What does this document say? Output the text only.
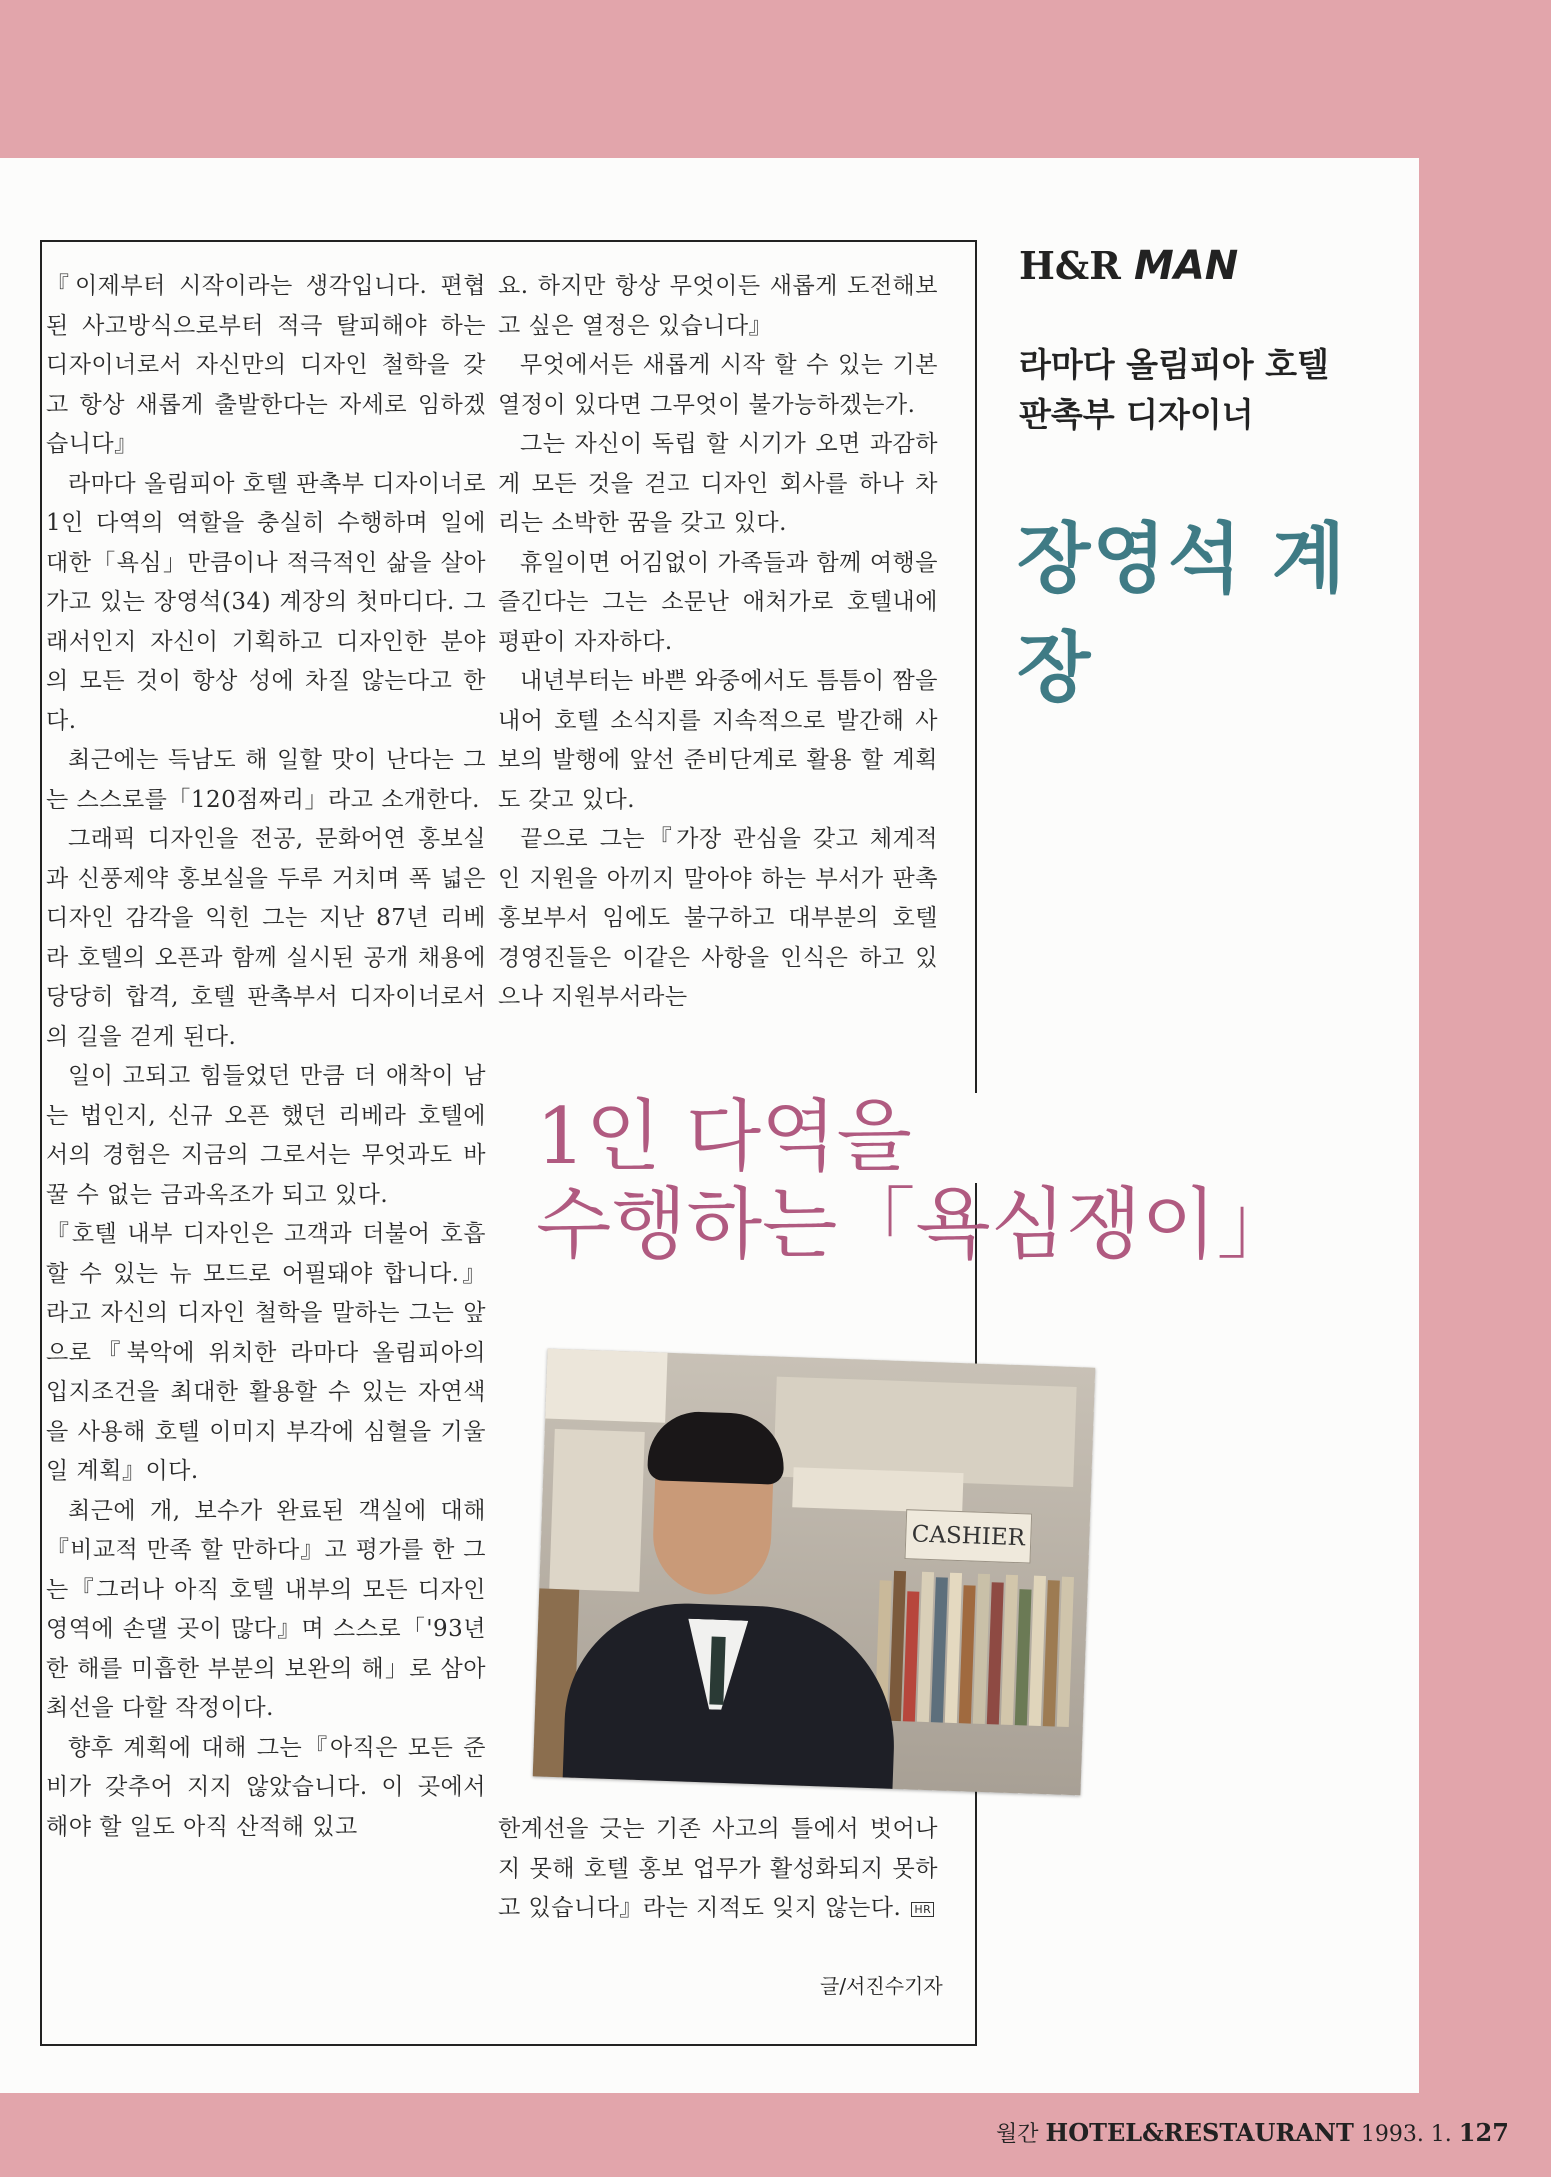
『이제부터 시작이라는 생각입니다. 편협된 사고방식으로부터 적극 탈피해야 하는 디자이너로서 자신만의 디자인 철학을 갖고 항상 새롭게 출발한다는 자세로 임하겠습니다』

라마다 올림피아 호텔 판촉부 디자이너로 1인 다역의 역할을 충실히 수행하며 일에 대한「욕심」만큼이나 적극적인 삶을 살아가고 있는 장영석(34) 계장의 첫마디다. 그래서인지 자신이 기획하고 디자인한 분야의 모든 것이 항상 성에 차질 않는다고 한다.

최근에는 득남도 해 일할 맛이 난다는 그는 스스로를「120점짜리」라고 소개한다.

그래픽 디자인을 전공, 문화어연 홍보실과 신풍제약 홍보실을 두루 거치며 폭 넓은 디자인 감각을 익힌 그는 지난 87년 리베라 호텔의 오픈과 함께 실시된 공개 채용에 당당히 합격, 호텔 판촉부서 디자이너로서의 길을 걷게 된다.

일이 고되고 힘들었던 만큼 더 애착이 남는 법인지, 신규 오픈 했던 리베라 호텔에서의 경험은 지금의 그로서는 무엇과도 바꿀 수 없는 금과옥조가 되고 있다.

『호텔 내부 디자인은 고객과 더불어 호흡할 수 있는 뉴 모드로 어필돼야 합니다.』라고 자신의 디자인 철학을 말하는 그는 앞으로『북악에 위치한 라마다 올림피아의 입지조건을 최대한 활용할 수 있는 자연색을 사용해 호텔 이미지 부각에 심혈을 기울일 계획』이다.

최근에 개, 보수가 완료된 객실에 대해『비교적 만족 할 만하다』고 평가를 한 그는『그러나 아직 호텔 내부의 모든 디자인 영역에 손댈 곳이 많다』며 스스로「'93년 한 해를 미흡한 부분의 보완의 해」로 삼아 최선을 다할 작정이다.

향후 계획에 대해 그는『아직은 모든 준비가 갖추어 지지 않았습니다. 이 곳에서 해야 할 일도 아직 산적해 있고

요. 하지만 항상 무엇이든 새롭게 도전해보고 싶은 열정은 있습니다』

무엇에서든 새롭게 시작 할 수 있는 기본 열정이 있다면 그무엇이 불가능하겠는가.

그는 자신이 독립 할 시기가 오면 과감하게 모든 것을 걷고 디자인 회사를 하나 차리는 소박한 꿈을 갖고 있다.

휴일이면 어김없이 가족들과 함께 여행을 즐긴다는 그는 소문난 애처가로 호텔내에 평판이 자자하다.

내년부터는 바쁜 와중에서도 틈틈이 짬을 내어 호텔 소식지를 지속적으로 발간해 사보의 발행에 앞선 준비단계로 활용 할 계획도 갖고 있다.

끝으로 그는『가장 관심을 갖고 체계적인 지원을 아끼지 말아야 하는 부서가 판촉 홍보부서 임에도 불구하고 대부분의 호텔 경영진들은 이같은 사항을 인식은 하고 있으나 지원부서라는

한계선을 긋는 기존 사고의 틀에서 벗어나지 못해 호텔 홍보 업무가 활성화되지 못하고 있습니다』라는 지적도 잊지 않는다. HR

글/서진수기자
H&R MAN
라마다 올림피아 호텔
판촉부 디자이너
장영석 계장
1인 다역을
수행하는「욕심쟁이」
CASHIER
월간 HOTEL&RESTAURANT 1993. 1. 127
